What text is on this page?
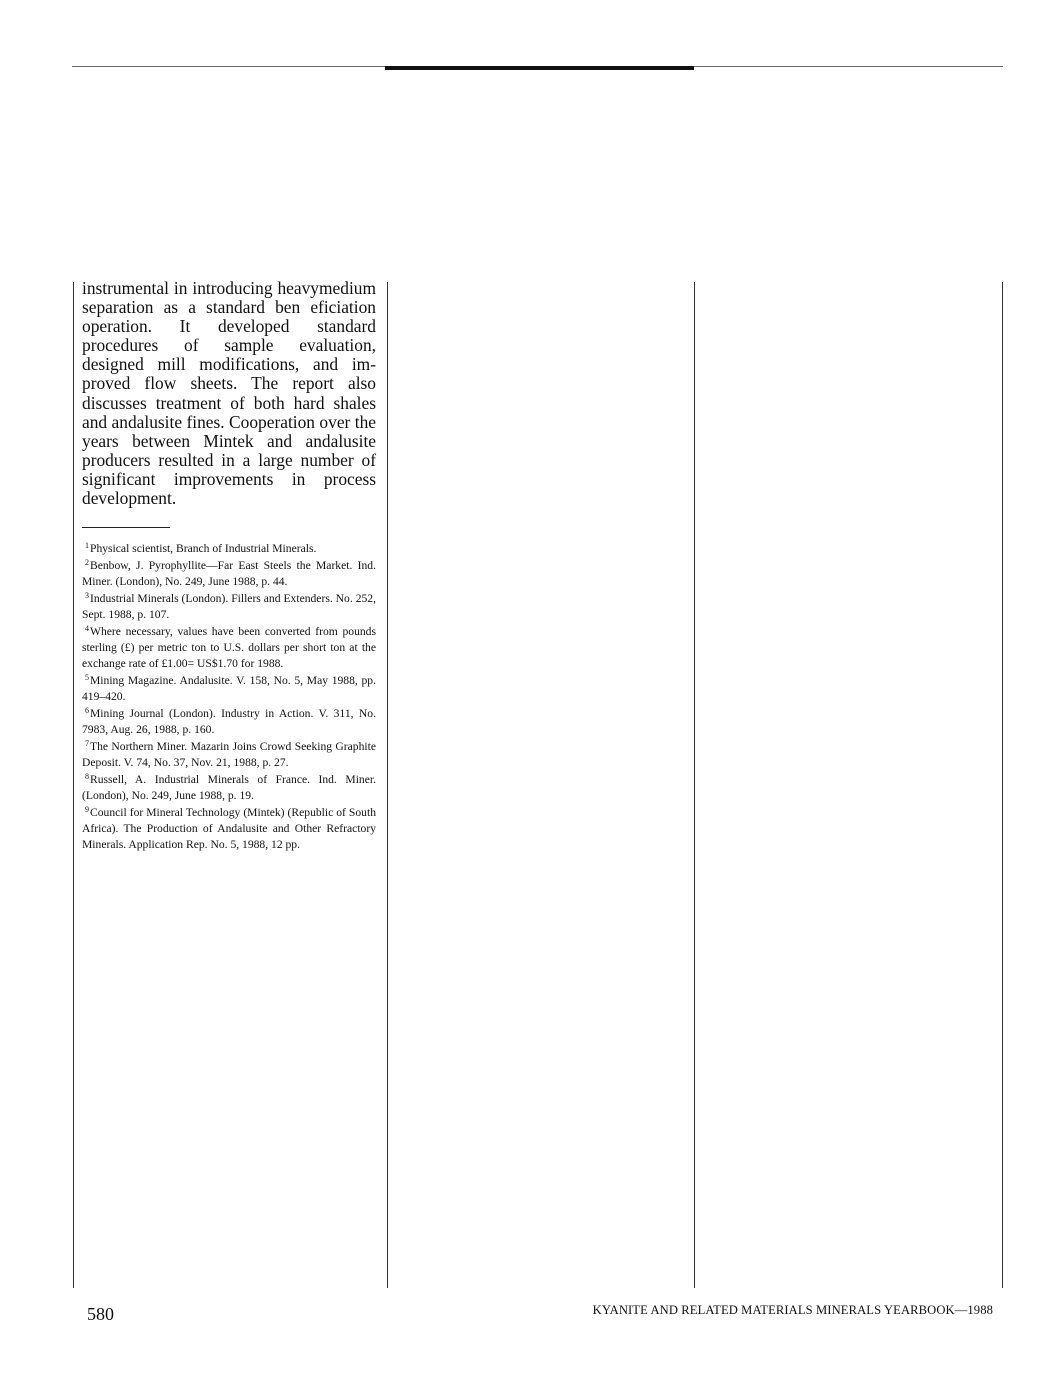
instrumental in introducing heavymedium separation as a standard ben eficiation operation. It developed standard procedures of sample evaluation, designed mill modifications, and improved flow sheets. The report also discusses treatment of both hard shales and andalusite fines. Cooperation over the years between Mintek and andalusite producers resulted in a large number of significant improvements in process development.

$^1$Physical scientist, Branch of Industrial Minerals.
$^2$Benbow, J. Pyrophyllite—Far East Steels the Market. Ind. Miner. (London), No. 249, June 1988, p. 44.
$^3$Industrial Minerals (London). Fillers and Extenders. No. 252, Sept. 1988, p. 107.
$^4$Where necessary, values have been converted from pounds sterling (£) per metric ton to U.S. dollars per short ton at the exchange rate of £1.00= US$1.70 for 1988.
$^5$Mining Magazine. Andalusite. V. 158, No. 5, May 1988, pp. 419–420.
$^6$Mining Journal (London). Industry in Action. V. 311, No. 7983, Aug. 26, 1988, p. 160.
$^7$The Northern Miner. Mazarin Joins Crowd Seeking Graphite Deposit. V. 74, No. 37, Nov. 21, 1988, p. 27.
$^8$Russell, A. Industrial Minerals of France. Ind. Miner. (London), No. 249, June 1988, p. 19.
$^9$Council for Mineral Technology (Mintek) (Republic of South Africa). The Production of Andalusite and Other Refractory Minerals. Application Rep. No. 5, 1988, 12 pp.
580	KYANITE AND RELATED MATERIALS MINERALS YEARBOOK—1988
